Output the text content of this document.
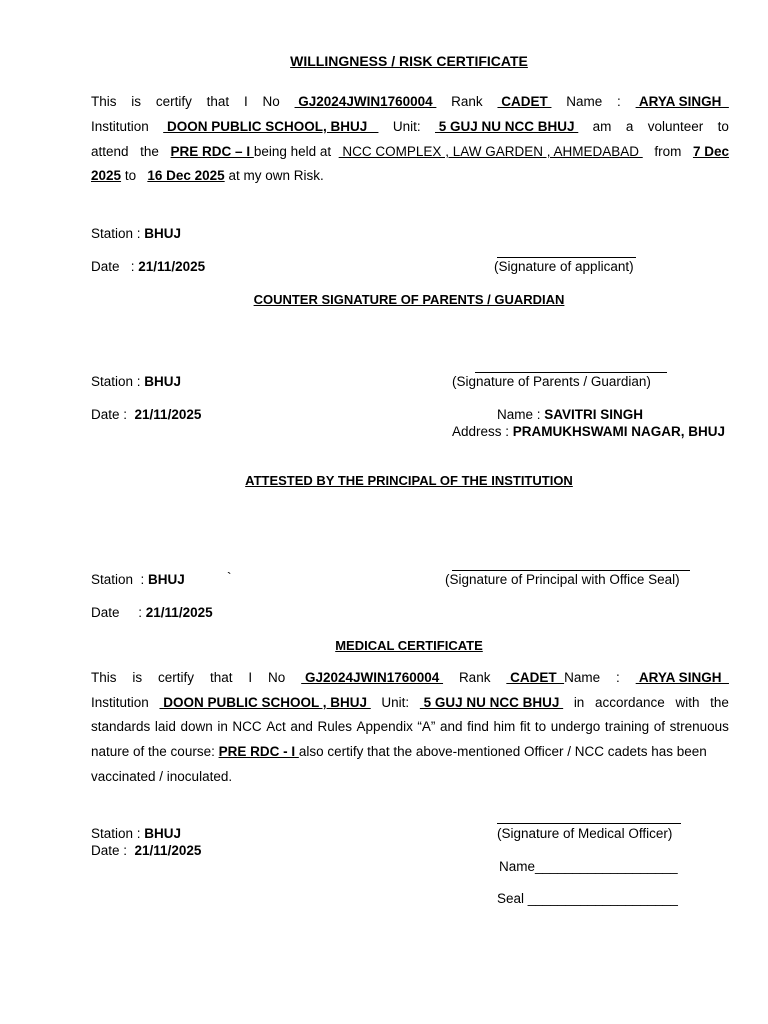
WILLINGNESS / RISK CERTIFICATE
This is certify that I No GJ2024JWIN1760004 Rank CADET Name : ARYA SINGH
Institution DOON PUBLIC SCHOOL, BHUJ Unit: 5 GUJ NU NCC BHUJ am a volunteer to
attend the PRE RDC – I being held at   NCC COMPLEX , LAW GARDEN , AHMEDABAD from 7 Dec
2025 to 16 Dec 2025 at my own Risk.
Station : BHUJ
Date   : 21/11/2025	(Signature of applicant)
COUNTER SIGNATURE OF PARENTS / GUARDIAN
Station : BHUJ	(Signature of Parents / Guardian)
Date :  21/11/2025	Name : SAVITRI SINGH
Address : PRAMUKHSWAMI NAGAR, BHUJ
ATTESTED BY THE PRINCIPAL OF THE INSTITUTION
Station  : BHUJ	`	(Signature of Principal with Office Seal)
Date     : 21/11/2025
MEDICAL CERTIFICATE
This is certify that I No GJ2024JWIN1760004 Rank CADET  Name : ARYA SINGH
Institution DOON PUBLIC SCHOOL , BHUJ Unit: 5 GUJ NU NCC BHUJ in accordance with the
standards laid down in NCC Act and Rules Appendix “A” and find him fit to undergo training of strenuous
nature of the course: PRE RDC - I also certify that the above-mentioned Officer / NCC cadets has been
vaccinated / inoculated.
Station : BHUJ	(Signature of Medical Officer)
Date :  21/11/2025
Name___________________
Seal ____________________
